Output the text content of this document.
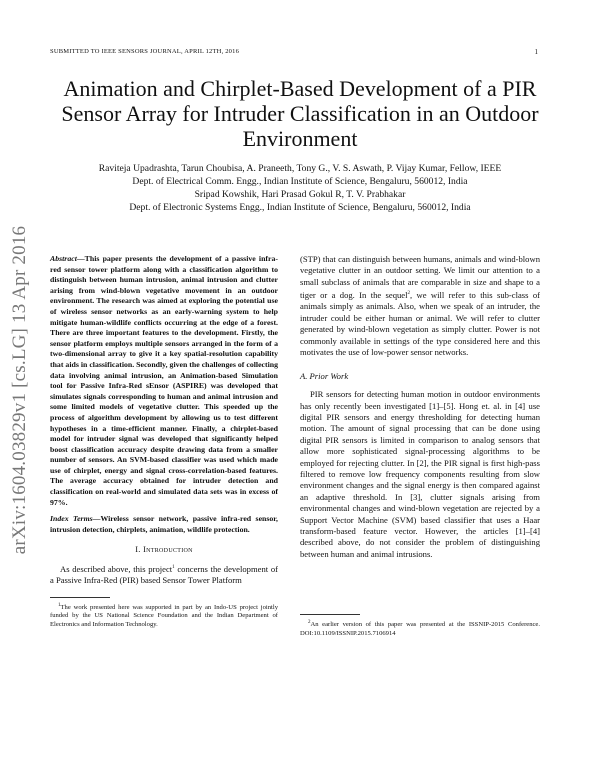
SUBMITTED TO IEEE SENSORS JOURNAL, APRIL 12TH, 2016	1
Animation and Chirplet-Based Development of a PIR Sensor Array for Intruder Classification in an Outdoor Environment
Raviteja Upadrashta, Tarun Choubisa, A. Praneeth, Tony G., V. S. Aswath, P. Vijay Kumar, Fellow, IEEE
Dept. of Electrical Comm. Engg., Indian Institute of Science, Bengaluru, 560012, India
Sripad Kowshik, Hari Prasad Gokul R, T. V. Prabhakar
Dept. of Electronic Systems Engg., Indian Institute of Science, Bengaluru, 560012, India
arXiv:1604.03829v1 [cs.LG] 13 Apr 2016	Abstract—This paper presents the development of a passive infra-red sensor tower platform along with a classification algorithm to distinguish between human intrusion, animal intrusion and clutter arising from wind-blown vegetative movement in an outdoor environment. The research was aimed at exploring the potential use of wireless sensor networks as an early-warning system to help mitigate human-wildlife conflicts occurring at the edge of a forest. There are three important features to the development. Firstly, the sensor platform employs multiple sensors arranged in the form of a two-dimensional array to give it a key spatial-resolution capability that aids in classification. Secondly, given the challenges of collecting data involving animal intrusion, an Animation-based Simulation tool for Passive Infra-Red sEnsor (ASPIRE) was developed that simulates signals corresponding to human and animal intrusion and some limited models of vegetative clutter. This speeded up the process of algorithm development by allowing us to test different hypotheses in a time-efficient manner. Finally, a chirplet-based model for intruder signal was developed that significantly helped boost classification accuracy despite drawing data from a smaller number of sensors. An SVM-based classifier was used which made use of chirplet, energy and signal cross-correlation-based features. The average accuracy obtained for intruder detection and classification on real-world and simulated data sets was in excess of 97%.

Index Terms—Wireless sensor network, passive infra-red sensor, intrusion detection, chirplets, animation, wildlife protection.

I. Introduction

As described above, this project$^1$ concerns the development of a Passive Infra-Red (PIR) based Sensor Tower Platform

$^1$The work presented here was supported in part by an Indo-US project jointly funded by the US National Science Foundation and the Indian Department of Electronics and Information Technology.

(STP) that can distinguish between humans, animals and wind-blown vegetative clutter in an outdoor setting. We limit our attention to a small subclass of animals that are comparable in size and shape to a tiger or a dog. In the sequel$^2$, we will refer to this sub-class of animals simply as animals. Also, when we speak of an intruder, the intruder could be either human or animal. We will refer to clutter generated by wind-blown vegetation as simply clutter. Power is not commonly available in settings of the type considered here and this motivates the use of low-power sensor networks.

A. Prior Work

PIR sensors for detecting human motion in outdoor environments has only recently been investigated [1]–[5]. Hong et. al. in [4] use digital PIR sensors and energy thresholding for detecting human motion. The amount of signal processing that can be done using digital PIR sensors is limited in comparison to analog sensors that allow more sophisticated signal-processing algorithms to be employed for rejecting clutter. In [2], the PIR signal is first high-pass filtered to remove low frequency components resulting from slow environment changes and the signal energy is then compared against an adaptive threshold. In [3], clutter signals arising from environmental changes and wind-blown vegetation are rejected by a Support Vector Machine (SVM) based classifier that uses a Haar transform-based feature vector. However, the articles [1]–[4] described above, do not consider the problem of distinguishing between human and animal intrusions.

$^2$An earlier version of this paper was presented at the ISSNIP-2015 Conference. DOI:10.1109/ISSNIP.2015.7106914
